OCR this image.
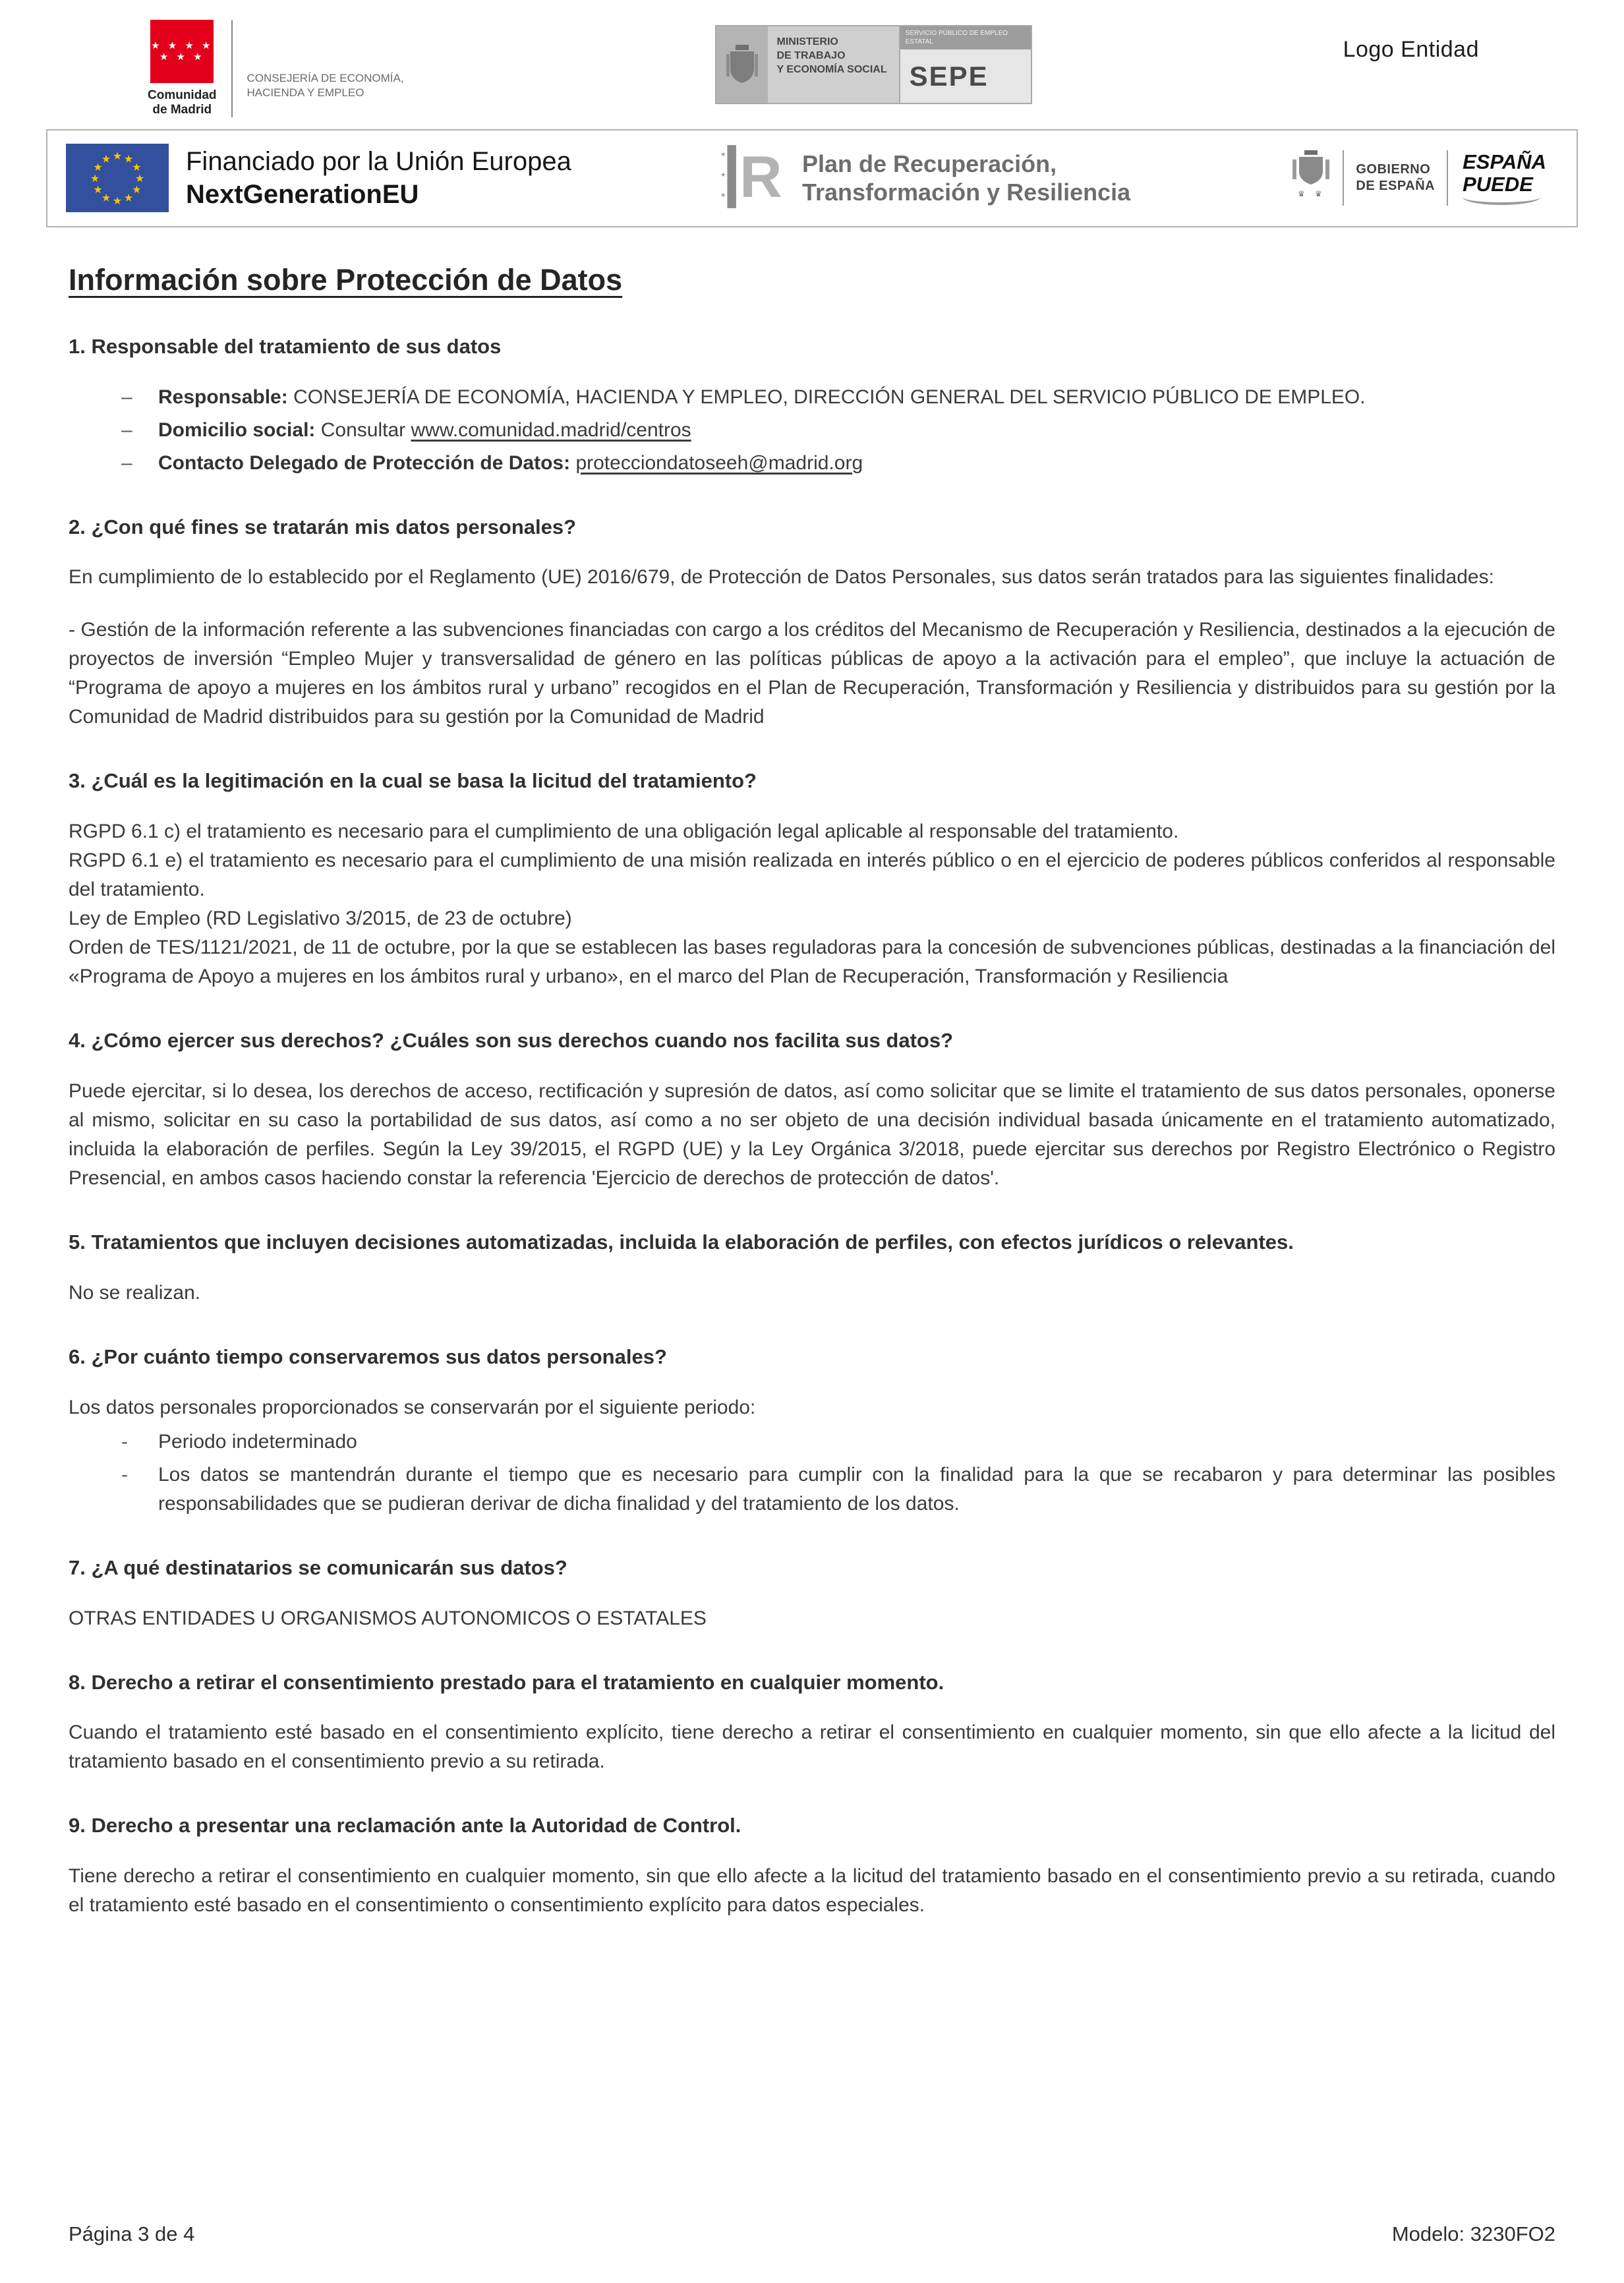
★ ★ ★ ★
★ ★ ★
Comunidad
de Madrid
CONSEJERÍA DE ECONOMÍA,
HACIENDA Y EMPLEO
MINISTERIO
DE TRABAJO
Y ECONOMÍA SOCIAL
SERVICIO PÚBLICO DE EMPLEO ESTATAL
SEPE
Logo Entidad
★ ★
★
★
★
★
★
★
★
★
★
★	Financiado por la Unión Europea
NextGenerationEU	R
★
★
★
Plan de Recuperación,
Transformación y Resiliencia	♛ ♛
GOBIERNO
DE ESPAÑA
ESPAÑA
PUEDE
Información sobre Protección de Datos
1. Responsable del tratamiento de sus datos
–	Responsable: CONSEJERÍA DE ECONOMÍA, HACIENDA Y EMPLEO, DIRECCIÓN GENERAL DEL SERVICIO PÚBLICO DE EMPLEO.
–	Domicilio social: Consultar www.comunidad.madrid/centros
–	Contacto Delegado de Protección de Datos: protecciondatoseeh@madrid.org
2. ¿Con qué fines se tratarán mis datos personales?

En cumplimiento de lo establecido por el Reglamento (UE) 2016/679, de Protección de Datos Personales, sus datos serán tratados para las siguientes finalidades:

- Gestión de la información referente a las subvenciones financiadas con cargo a los créditos del Mecanismo de Recuperación y Resiliencia, destinados a la ejecución de proyectos de inversión “Empleo Mujer y transversalidad de género en las políticas públicas de apoyo a la activación para el empleo”, que incluye la actuación de “Programa de apoyo a mujeres en los ámbitos rural y urbano” recogidos en el Plan de Recuperación, Transformación y Resiliencia y distribuidos para su gestión por la Comunidad de Madrid distribuidos para su gestión por la Comunidad de Madrid

3. ¿Cuál es la legitimación en la cual se basa la licitud del tratamiento?

RGPD 6.1 c) el tratamiento es necesario para el cumplimiento de una obligación legal aplicable al responsable del tratamiento.

RGPD 6.1 e) el tratamiento es necesario para el cumplimiento de una misión realizada en interés público o en el ejercicio de poderes públicos conferidos al responsable del tratamiento.

Ley de Empleo (RD Legislativo 3/2015, de 23 de octubre)

Orden de TES/1121/2021, de 11 de octubre, por la que se establecen las bases reguladoras para la concesión de subvenciones públicas, destinadas a la financiación del «Programa de Apoyo a mujeres en los ámbitos rural y urbano», en el marco del Plan de Recuperación, Transformación y Resiliencia

4. ¿Cómo ejercer sus derechos? ¿Cuáles son sus derechos cuando nos facilita sus datos?

Puede ejercitar, si lo desea, los derechos de acceso, rectificación y supresión de datos, así como solicitar que se limite el tratamiento de sus datos personales, oponerse al mismo, solicitar en su caso la portabilidad de sus datos, así como a no ser objeto de una decisión individual basada únicamente en el tratamiento automatizado, incluida la elaboración de perfiles. Según la Ley 39/2015, el RGPD (UE) y la Ley Orgánica 3/2018, puede ejercitar sus derechos por Registro Electrónico o Registro Presencial, en ambos casos haciendo constar la referencia 'Ejercicio de derechos de protección de datos'.

5. Tratamientos que incluyen decisiones automatizadas, incluida la elaboración de perfiles, con efectos jurídicos o relevantes.

No se realizan.

6. ¿Por cuánto tiempo conservaremos sus datos personales?

Los datos personales proporcionados se conservarán por el siguiente periodo:

-	Periodo indeterminado
-	Los datos se mantendrán durante el tiempo que es necesario para cumplir con la finalidad para la que se recabaron y para determinar las posibles responsabilidades que se pudieran derivar de dicha finalidad y del tratamiento de los datos.
7. ¿A qué destinatarios se comunicarán sus datos?

OTRAS ENTIDADES U ORGANISMOS AUTONOMICOS O ESTATALES

8. Derecho a retirar el consentimiento prestado para el tratamiento en cualquier momento.

Cuando el tratamiento esté basado en el consentimiento explícito, tiene derecho a retirar el consentimiento en cualquier momento, sin que ello afecte a la licitud del tratamiento basado en el consentimiento previo a su retirada.

9. Derecho a presentar una reclamación ante la Autoridad de Control.

Tiene derecho a retirar el consentimiento en cualquier momento, sin que ello afecte a la licitud del tratamiento basado en el consentimiento previo a su retirada, cuando el tratamiento esté basado en el consentimiento o consentimiento explícito para datos especiales.

Página 3 de 4	Modelo: 3230FO2
